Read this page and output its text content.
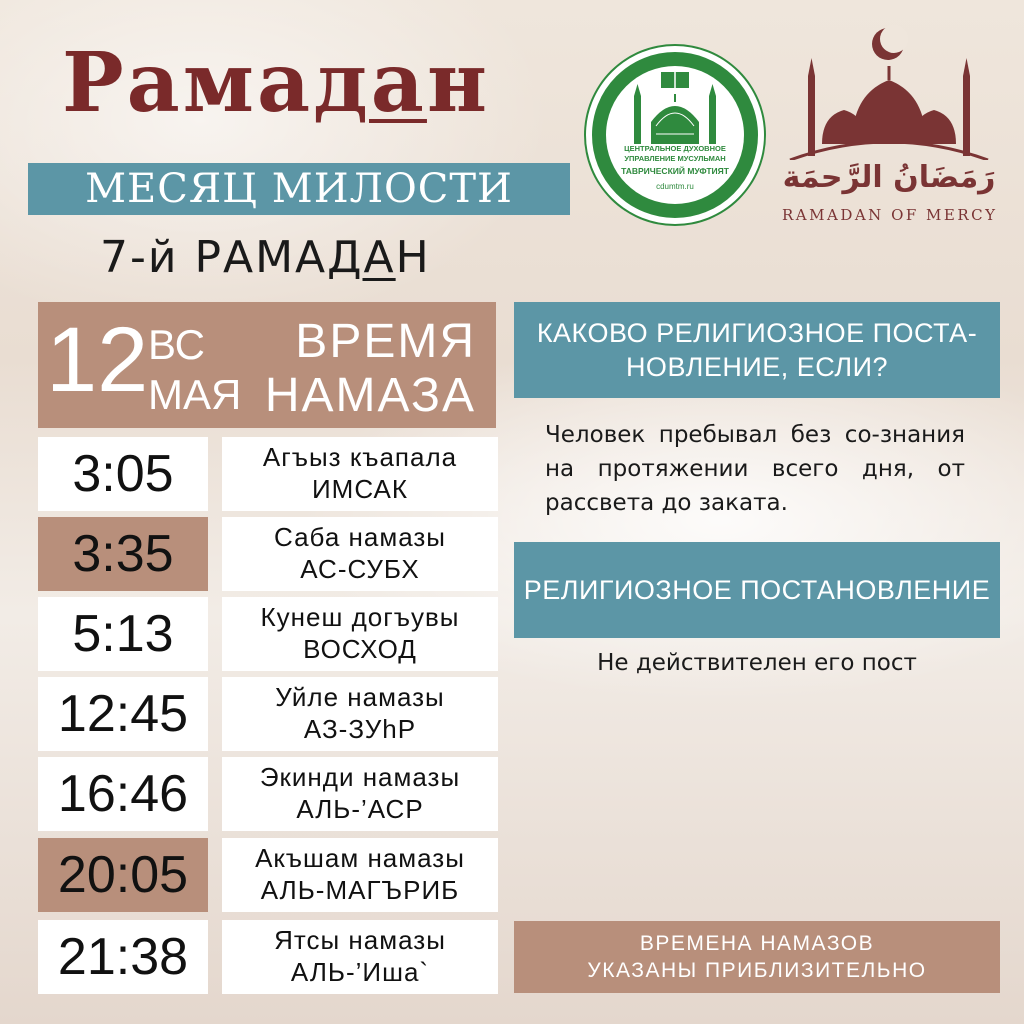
Рамадан
МЕСЯЦ МИЛОСТИ
7-й РАМАДАН
ЦЕНТРАЛЬНОЕ ДУХОВНОЕ
УПРАВЛЕНИЕ МУСУЛЬМАН
ТАВРИЧЕСКИЙ МУФТИЯТ
cdumtm.ru	رَمَضَانُ الرَّحمَة
RAMADAN OF MERCY
12 ВС
МАЯ
ВРЕМЯ
НАМАЗА
3:05	Агъыз къапала
ИМСАК
3:35	Саба намазы
АС-СУБХ
5:13	Кунеш догъувы
ВОСХОД
12:45	Уйле намазы
АЗ-ЗУhР
16:46	Экинди намазы
АЛЬ-’АСР
20:05	Акъшам намазы
АЛЬ-МАГЪРИБ
21:38	Ятсы намазы
АЛЬ-’Иша`
КАКОВО РЕЛИГИОЗНОЕ ПОСТА-
НОВЛЕНИЕ, ЕСЛИ?
Человек пребывал без со-знания на протяжении всего дня, от рассвета до заката.
РЕЛИГИОЗНОЕ ПОСТАНОВЛЕНИЕ
Не действителен его пост
ВРЕМЕНА НАМАЗОВ
УКАЗАНЫ ПРИБЛИЗИТЕЛЬНО
